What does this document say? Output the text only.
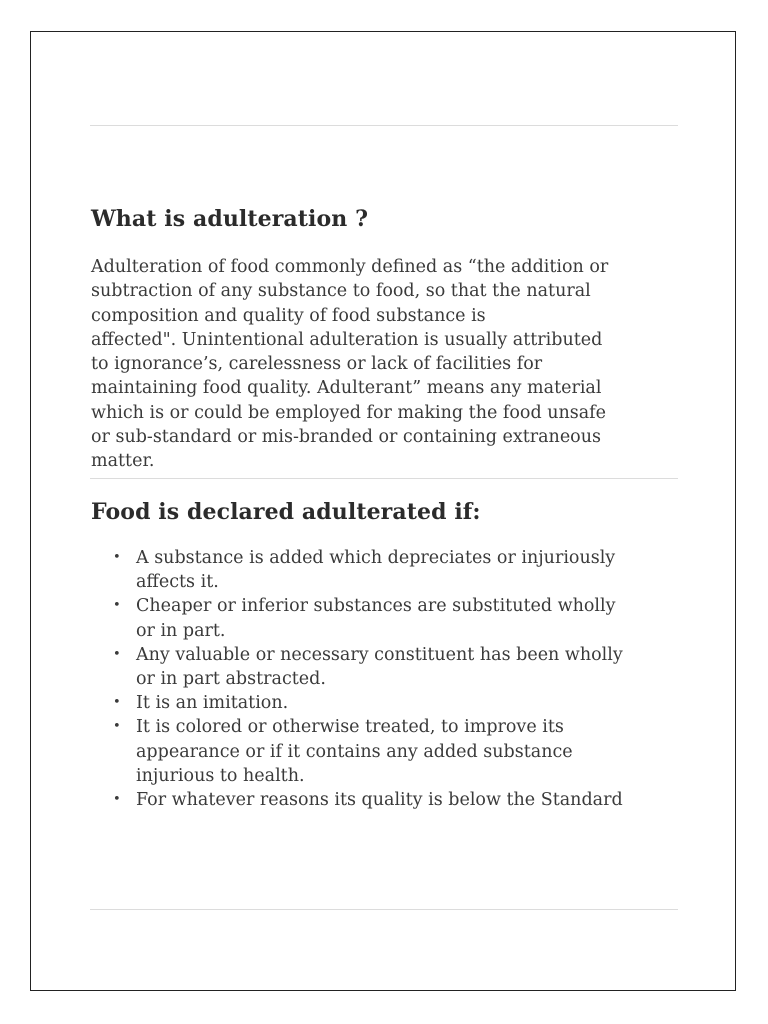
What is adulteration ?

Adulteration of food commonly defined as “the addition or
subtraction of any substance to food, so that the natural
composition and quality of food substance is
affected". Unintentional adulteration is usually attributed
to ignorance’s, carelessness or lack of facilities for
maintaining food quality. Adulterant” means any material
which is or could be employed for making the food unsafe
or sub-standard or mis-branded or containing extraneous
matter.

Food is declared adulterated if:
• A substance is added which depreciates or injuriously
affects it.
• Cheaper or inferior substances are substituted wholly
or in part.
• Any valuable or necessary constituent has been wholly
or in part abstracted.
• It is an imitation.
• It is colored or otherwise treated, to improve its
appearance or if it contains any added substance
injurious to health.
• For whatever reasons its quality is below the Standard
